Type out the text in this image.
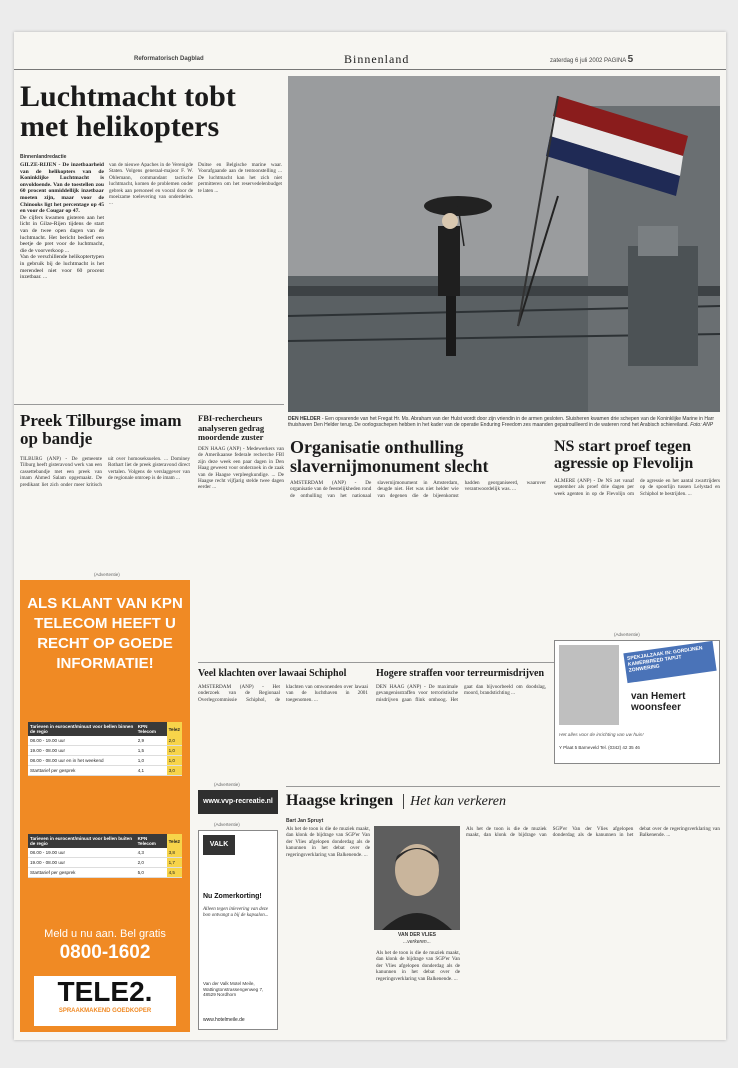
Reformatorisch Dagblad	Binnenland	zaterdag 6 juli 2002 PAGINA 5
Luchtmacht tobt met helikopters
Binnenlandredactie

GILZE-RIJEN - De inzetbaarheid van de helikopters van de Koninklijke Luchtmacht is onvoldoende. Van de toestellen zou 60 procent onmiddellijk inzetbaar moeten zijn, maar voor de Chinooks ligt het percentage op 45 en voor de Cougar op 47.

De cijfers kwamen gisteren aan het licht in Gilze-Rijen tijdens de start van de twee open dagen van de luchtmacht. Het bericht bedierf een beetje de pret voor de luchtmacht, die de voorverkoop ...

Van de verschillende helikoptertypen in gebruik bij de luchtmacht is het merendeel niet voor 60 procent inzetbaar. ...

van de nieuwe Apaches in de Verenigde Staten. Volgens generaal-majoor F. W. Ohlemann, commandant tactische luchtmacht, komen de problemen onder gebrek aan personeel en vooral door de moeizame toelevering van onderdelen. ...

Duitse en Belgische marine waar. Voorafgaande aan de tentoonstelling ... De luchtmacht kan het zich niet permitteren om het reservedelenbudget te laten ...

DEN HELDER - Een opvarende van het Fregat Hr. Ms. Abraham van der Hulst wordt door zijn vriendin in de armen gesloten. Sluisheren kwamen drie schepen van de Koninklijke Marine in Harr thuishaven Den Helder terug. De oorlogsschepen hebben in het kader van de operatie Enduring Freedom zes maanden gepatrouilleerd in de wateren rond het Arabisch schiereiland. Foto: ANP
Preek Tilburgse imam op bandje
TILBURG (ANP) - De gemeente Tilburg heeft gisteravond werk van een cassettebandje met een preek van imam Ahmed Salam opgemaakt. De predikant liet zich onder meer kritisch uit over homoseksuelen. ... Dominey Rothart liet de preek gisteravond direct vertalen. Volgens de verslaggever van de regionale omroep is de imam ...
FBI-rechercheurs analyseren gedrag moordende zuster
DEN HAAG (ANP) - Medewerkers van de Amerikaanse federale recherche FBI zijn deze week een paar dagen in Den Haag geweest voor onderzoek in de zaak van de Haagse verpleegkundige. ... De Haagse recht vijfjarig stelde twee dagen eerder ...
Organisatie onthulling slavernijmonument slecht
AMSTERDAM (ANP) - De organisatie van de feestelijkheden rond de onthulling van het nationaal slavernijmonument in Amsterdam, deugde niet. Het was niet helder wie van degenen die de bijeenkomst hadden georganiseerd, waarover verantwoordelijk was. ...
NS start proef tegen agressie op Flevolijn
ALMERE (ANP) - De NS zet vanaf september als proef drie dagen per week agenten in op de Flevolijn om de agressie en het aantal zwartrijders op de spoorlijn tussen Lelystad en Schiphol te bestrijden. ...
(Advertentie)
ALS KLANT VAN KPN TELECOM HEEFT U RECHT OP GOEDE INFORMATIE!
Tarieven in eurocent/minuut voor bellen binnen de regio	KPN Telecom	Tele2
08.00 - 19.00 uur	2,9	2,0
19.00 - 08.00 uur	1,5	1,0
08.00 - 08.00 uur en in het weekend	1,0	1,0
Starttarief per gesprek	4,1	3,0
Tarieven in eurocent/minuut voor bellen buiten de regio	KPN Telecom	Tele2
08.00 - 19.00 uur	4,3	3,8
19.00 - 08.00 uur	2,0	1,7
Starttarief per gesprek	5,0	4,5
Meld u nu aan. Bel gratis
0800-1602
TELE2.
SPRAAKMAKEND GOEDKOPER
Veel klachten over lawaai Schiphol
AMSTERDAM (ANP) - Het onderzoek van de Regionaal Overlegcommissie Schiphol, de klachten van omwonenden over lawaai van de luchthaven in 2001 toegenomen. ...
Hogere straffen voor terreurmisdrijven
DEN HAAG (ANP) - De maximale gevangenisstraffen voor terroristische misdrijven gaan flink omhoog. Het gaat dan bijvoorbeeld om doodslag, moord, brandstichting ...
(Advertentie)
SPEKJALZAAK IN: GORDIJNEN KAMERBREED TAPIJT ZONWERING
van Hemert woonsfeer
Het alles voor de inrichting van uw huis!
Y Plaat 5 Barneveld Tel. (0342) 42 35 46
(Advertentie)
www.vvp-recreatie.nl
(Advertentie)
VALK
Nu Zomerkorting!
Alleen tegen inlevering van deze bon ontvangt u bij de kapsalon...
Van der Valk Motel Meile, Wattingtonstrassengenweg 7, 48529 Nordhorn
www.hotelmeile.de
Haagse kringen Het kan verkeren
Bart Jan Spruyt
VAN DER VLIES
...verkeren...
Als het de toon is die de muziek maakt, dan klonk de bijdrage van SGP'er Van der Vlies afgelopen donderdag als de kanunnen in het debat over de regeringsverklaring van Balkenende. ...
Als het de toon is die de muziek maakt, dan klonk de bijdrage van SGP'er Van der Vlies afgelopen donderdag als de kanunnen in het debat over de regeringsverklaring van Balkenende. ...
Als het de toon is die de muziek maakt, dan klonk de bijdrage van SGP'er Van der Vlies afgelopen donderdag als de kanunnen in het debat over de regeringsverklaring van Balkenende. ...
